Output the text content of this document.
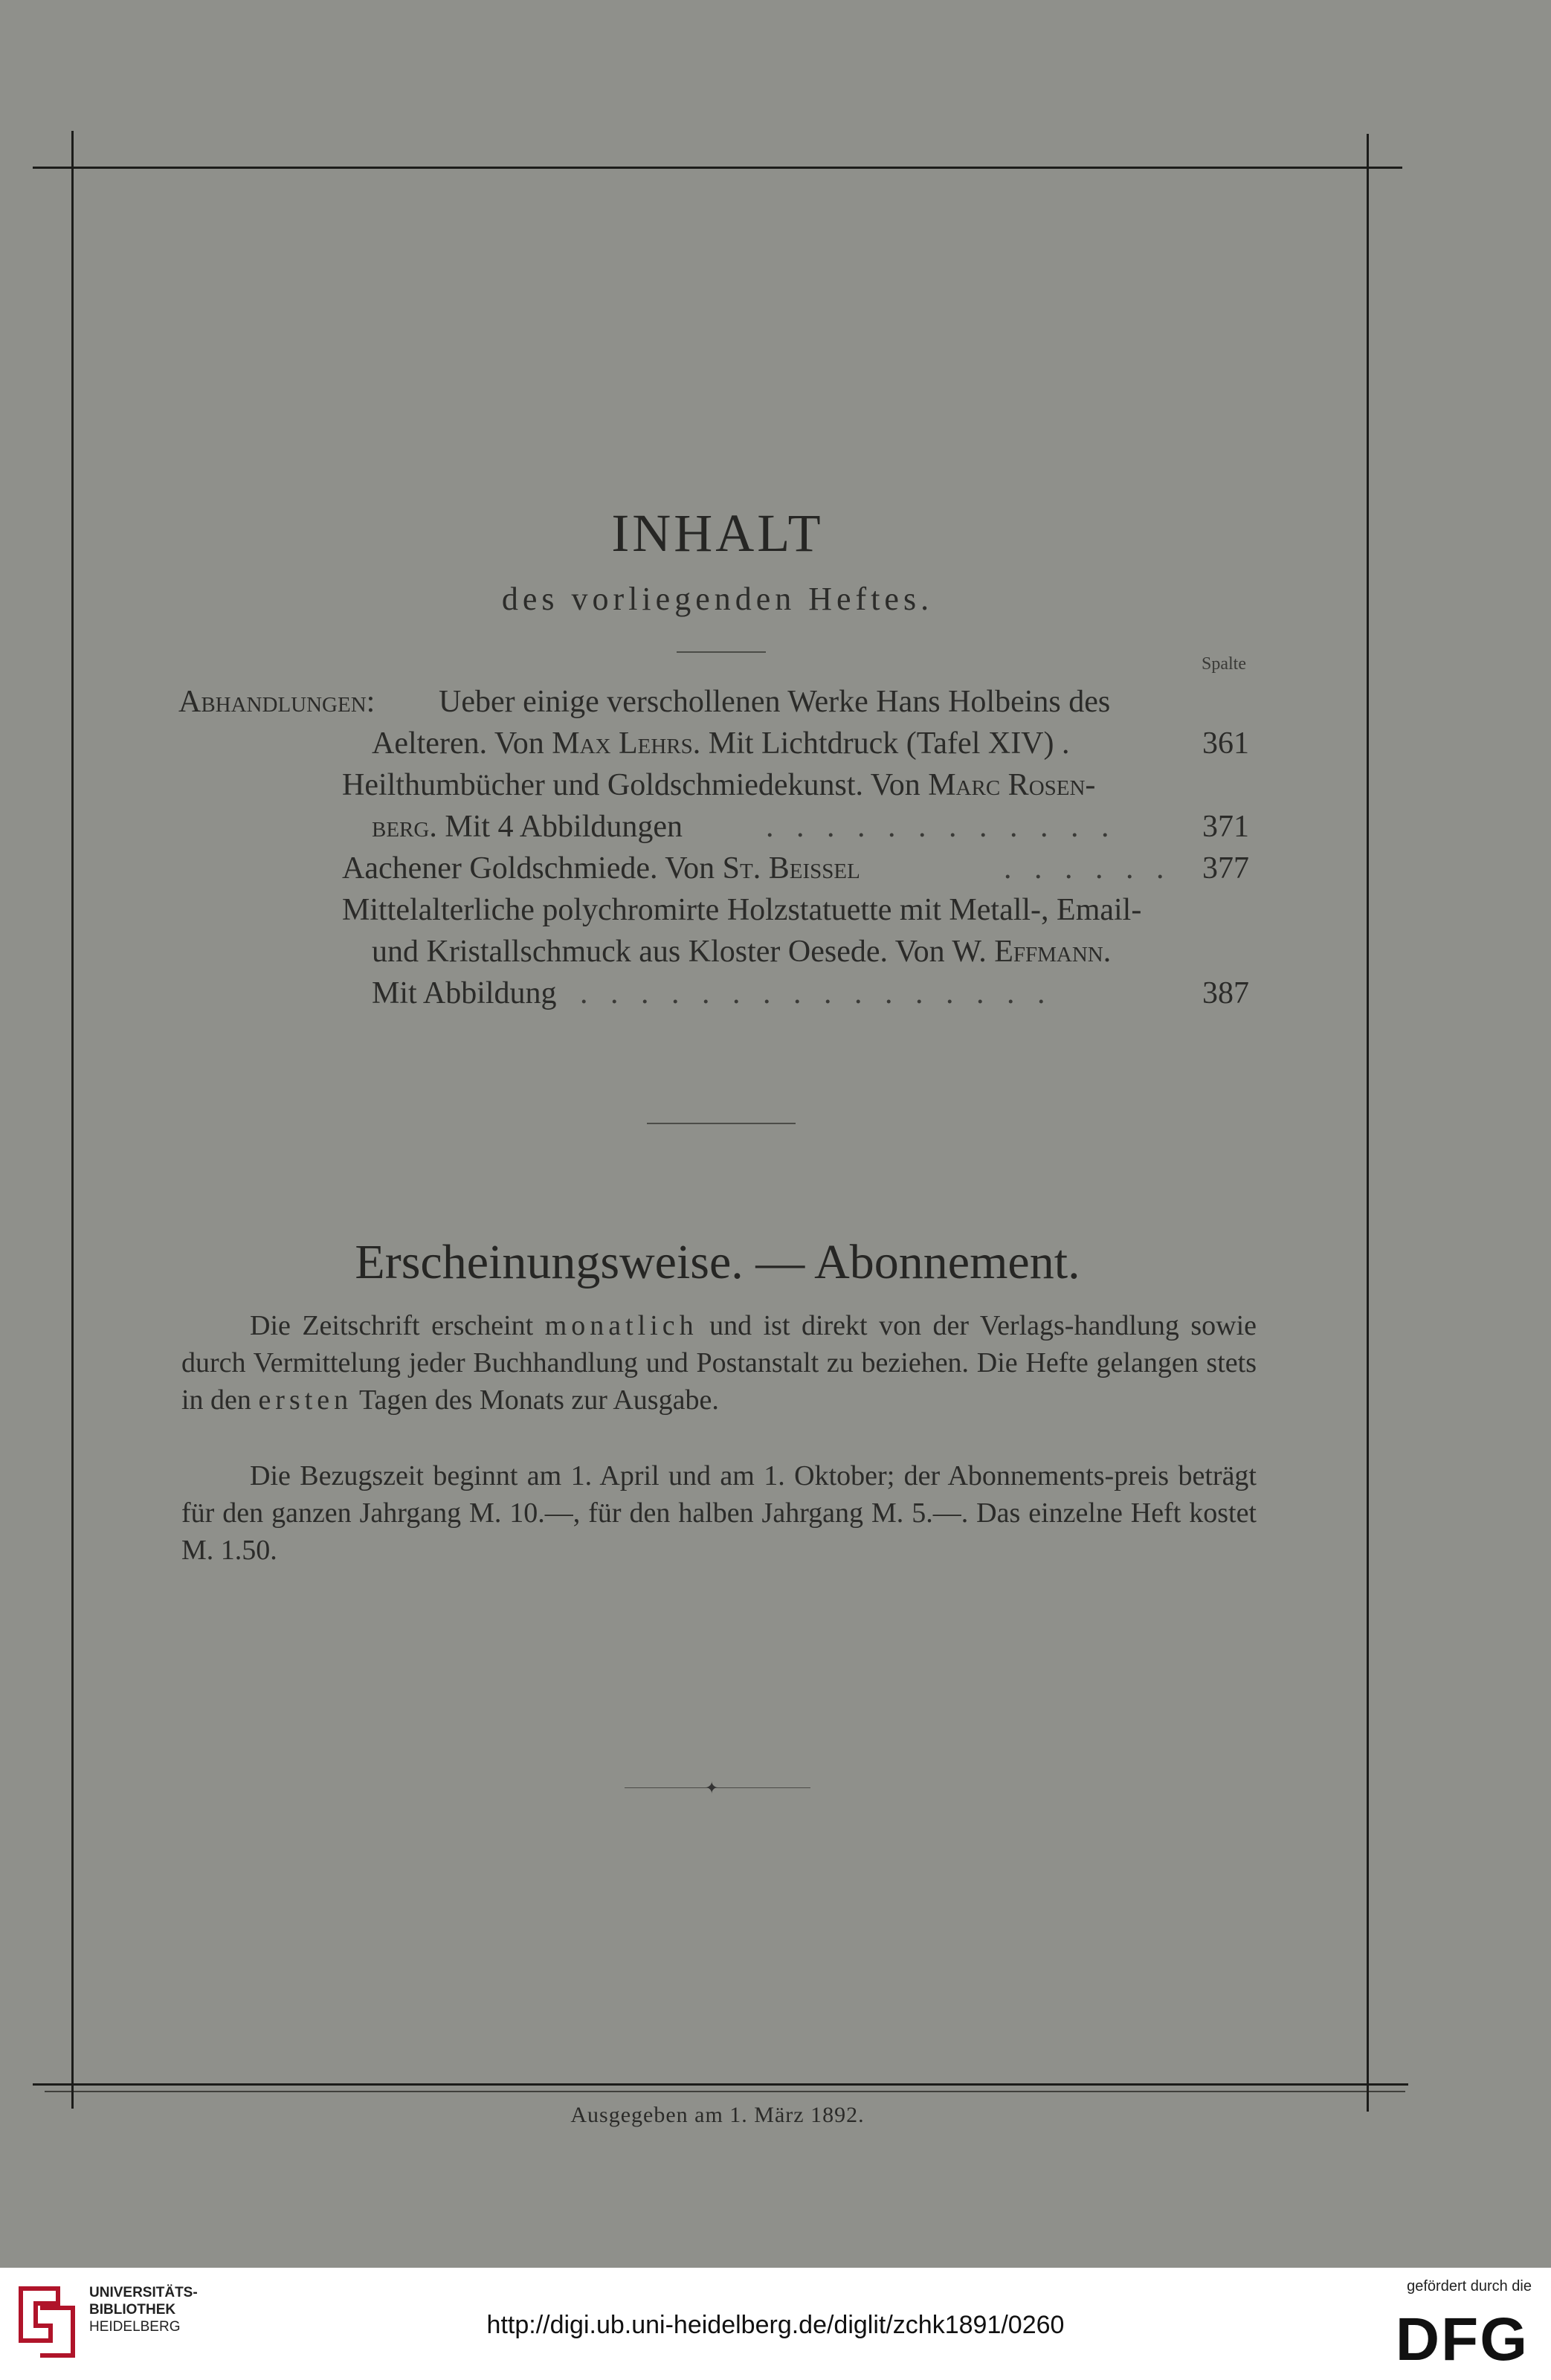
INHALT
des vorliegenden Heftes.
Spalte
Abhandlungen: Ueber einige verschollenen Werke Hans Holbeins des
Aelteren. Von Max Lehrs. Mit Lichtdruck (Tafel XIV) .	361
Heilthumbücher und Goldschmiedekunst. Von Marc Rosen-
berg. Mit 4 Abbildungen	. . . . . . . . . . . .	371
Aachener Goldschmiede. Von St. Beissel	. . . . . . 377
Mittelalterliche polychromirte Holzstatuette mit Metall-, Email-
und Kristallschmuck aus Kloster Oesede. Von W. Effmann.
Mit Abbildung . . . . . . . . . . . . . . . .	387
Erscheinungsweise. — Abonnement.
Die Zeitschrift erscheint monatlich und ist direkt von der Verlags-handlung sowie durch Vermittelung jeder Buchhandlung und Postanstalt zu beziehen. Die Hefte gelangen stets in den ersten Tagen des Monats zur Ausgabe.
Die Bezugszeit beginnt am 1. April und am 1. Oktober; der Abonnements-preis beträgt für den ganzen Jahrgang M. 10.—, für den halben Jahrgang M. 5.—. Das einzelne Heft kostet M. 1.50.
✦
Ausgegeben am 1. März 1892.
UNIVERSITÄTS-
BIBLIOTHEK
HEIDELBERG	http://digi.ub.uni-heidelberg.de/diglit/zchk1891/0260
gefördert durch die
DFG
